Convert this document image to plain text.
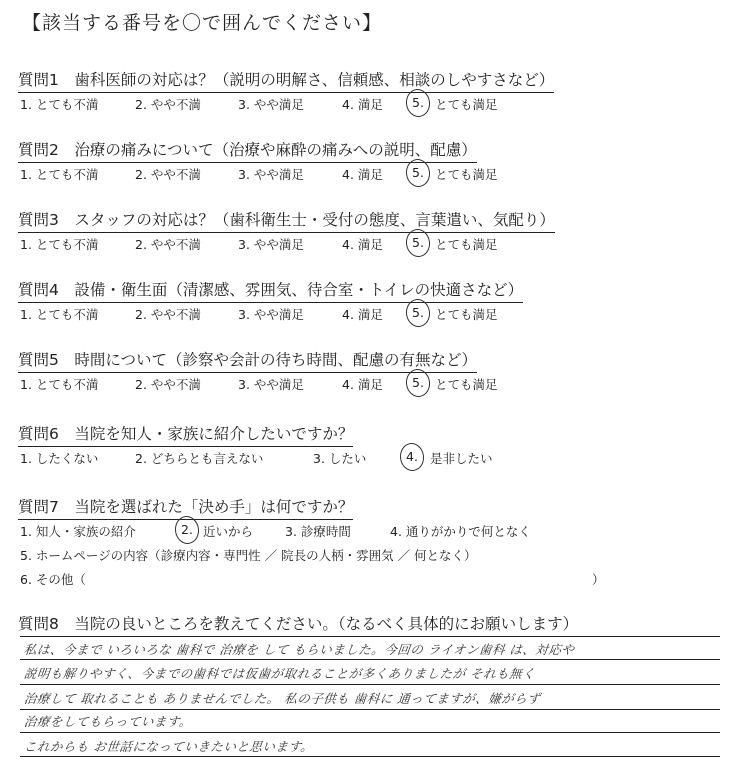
【該当する番号を〇で囲んでください】
質問1　歯科医師の対応は？（説明の明解さ、信頼感、相談のしやすさなど）
1. とても不満	2. やや不満	3. やや満足	4. 満足 5. とても満足
質問2　治療の痛みについて（治療や麻酔の痛みへの説明、配慮）
1. とても不満	2. やや不満	3. やや満足	4. 満足 5. とても満足
質問3　スタッフの対応は？（歯科衛生士・受付の態度、言葉遣い、気配り）
1. とても不満	2. やや不満	3. やや満足	4. 満足 5. とても満足
質問4　設備・衛生面（清潔感、雰囲気、待合室・トイレの快適さなど）
1. とても不満	2. やや不満	3. やや満足	4. 満足 5. とても満足
質問5　時間について（診察や会計の待ち時間、配慮の有無など）
1. とても不満	2. やや不満	3. やや満足	4. 満足 5. とても満足
質問6　当院を知人・家族に紹介したいですか？
1. したくない	2. どちらとも言えない	3. したい	4. 是非したい
質問7　当院を選ばれた「決め手」は何ですか？
1. 知人・家族の紹介	2. 近いから	3. 診療時間	4. 通りがかりで何となく
5. ホームページの内容（診療内容・専門性 ／ 院長の人柄・雰囲気 ／ 何となく）
6. その他（	）
質問8　当院の良いところを教えてください。（なるべく具体的にお願いします）
私は、今まで いろいろな 歯科で 治療を して もらいました。今回の ライオン歯科 は、対応や
説明も解りやすく、今までの歯科では仮歯が取れることが多くありましたが それも無く
治療して 取れることも ありませんでした。 私の子供も 歯科に 通ってますが、嫌がらず
治療をしてもらっています。
これからも お世話になっていきたいと思います。
